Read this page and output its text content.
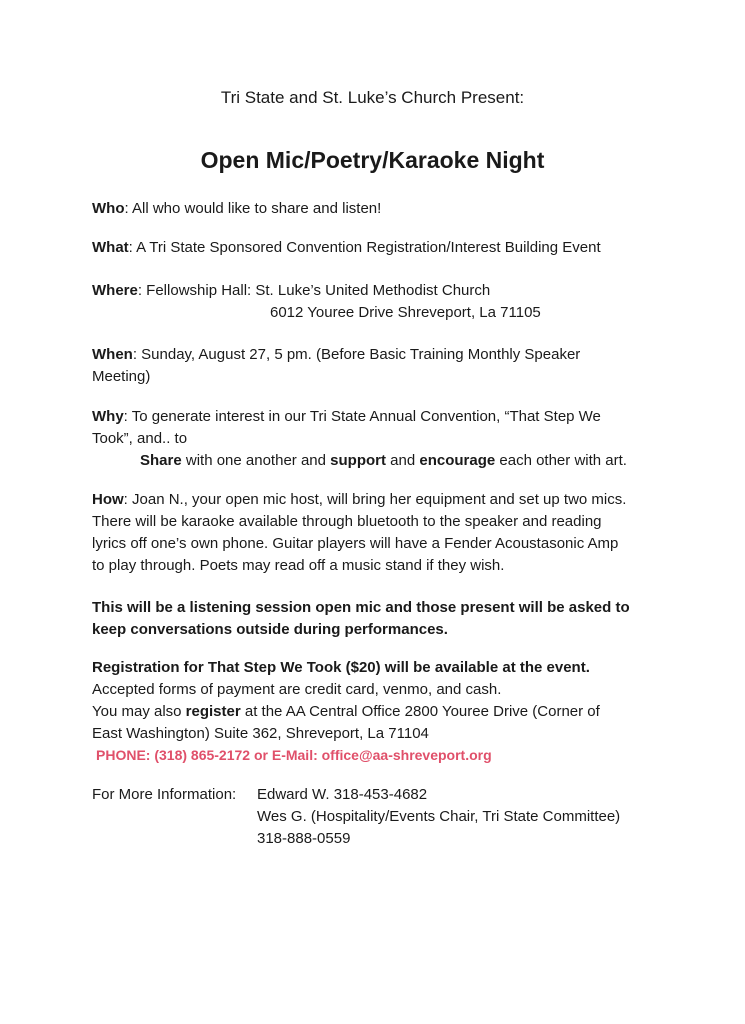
Tri State and St. Luke’s Church Present:
Open Mic/Poetry/Karaoke Night
Who: All who would like to share and listen!
What: A Tri State Sponsored Convention Registration/Interest Building Event
Where: Fellowship Hall: St. Luke’s United Methodist Church
6012 Youree Drive Shreveport, La 71105
When: Sunday, August 27, 5 pm. (Before Basic Training Monthly Speaker
Meeting)
Why: To generate interest in our Tri State Annual Convention, “That Step We
Took”, and.. to
Share with one another and support and encourage each other with art.
How: Joan N., your open mic host, will bring her equipment and set up two mics.
There will be karaoke available through bluetooth to the speaker and reading
lyrics off one’s own phone. Guitar players will have a Fender Acoustasonic Amp
to play through. Poets may read off a music stand if they wish.
This will be a listening session open mic and those present will be asked to
keep conversations outside during performances.
Registration for That Step We Took ($20) will be available at the event.
Accepted forms of payment are credit card, venmo, and cash.
You may also register at the AA Central Office 2800 Youree Drive (Corner of
East Washington) Suite 362, Shreveport, La 71104
PHONE: (318) 865-2172 or E-Mail: office@aa-shreveport.org
For More Information: Edward W. 318-453-4682
Wes G. (Hospitality/Events Chair, Tri State Committee)
318-888-0559
